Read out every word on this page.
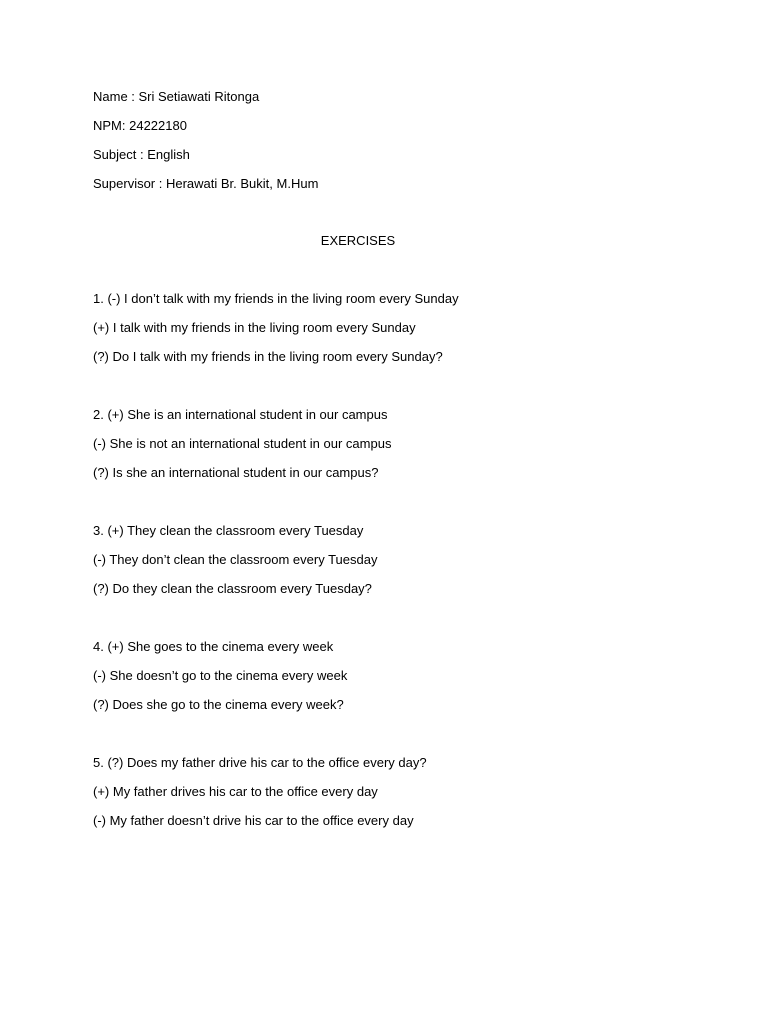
Name : Sri Setiawati Ritonga
NPM: 24222180
Subject : English
Supervisor : Herawati Br. Bukit, M.Hum
EXERCISES
1. (-) I don’t talk with my friends in the living room every Sunday
(+) I talk with my friends in the living room every Sunday
(?) Do I talk with my friends in the living room every Sunday?
2. (+) She is an international student in our campus
(-) She is not an international student in our campus
(?) Is she an international student in our campus?
3. (+) They clean the classroom every Tuesday
(-) They don’t clean the classroom every Tuesday
(?) Do they clean the classroom every Tuesday?
4. (+) She goes to the cinema every week
(-) She doesn’t go to the cinema every week
(?) Does she go to the cinema every week?
5. (?) Does my father drive his car to the office every day?
(+) My father drives his car to the office every day
(-) My father doesn’t drive his car to the office every day
